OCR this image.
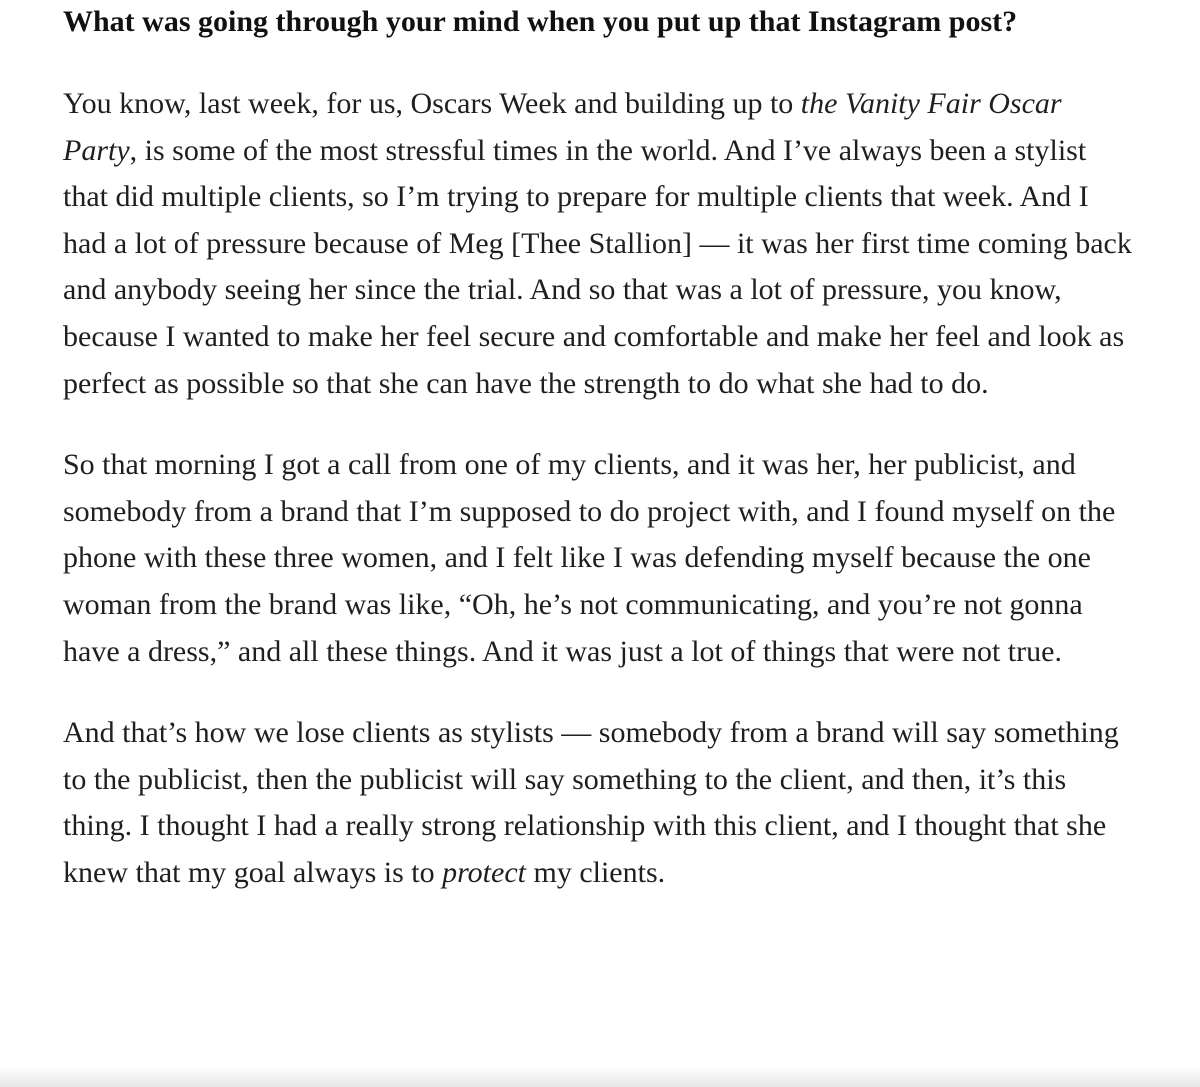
What was going through your mind when you put up that Instagram post?

You know, last week, for us, Oscars Week and building up to the Vanity Fair Oscar Party, is some of the most stressful times in the world. And I’ve always been a stylist that did multiple clients, so I’m trying to prepare for multiple clients that week. And I had a lot of pressure because of Meg [Thee Stallion] — it was her first time coming back and anybody seeing her since the trial. And so that was a lot of pressure, you know, because I wanted to make her feel secure and comfortable and make her feel and look as perfect as possible so that she can have the strength to do what she had to do.

So that morning I got a call from one of my clients, and it was her, her publicist, and somebody from a brand that I’m supposed to do project with, and I found myself on the phone with these three women, and I felt like I was defending myself because the one woman from the brand was like, “Oh, he’s not communicating, and you’re not gonna have a dress,” and all these things. And it was just a lot of things that were not true.

And that’s how we lose clients as stylists — somebody from a brand will say something to the publicist, then the publicist will say something to the client, and then, it’s this thing. I thought I had a really strong relationship with this client, and I thought that she knew that my goal always is to protect my clients.
